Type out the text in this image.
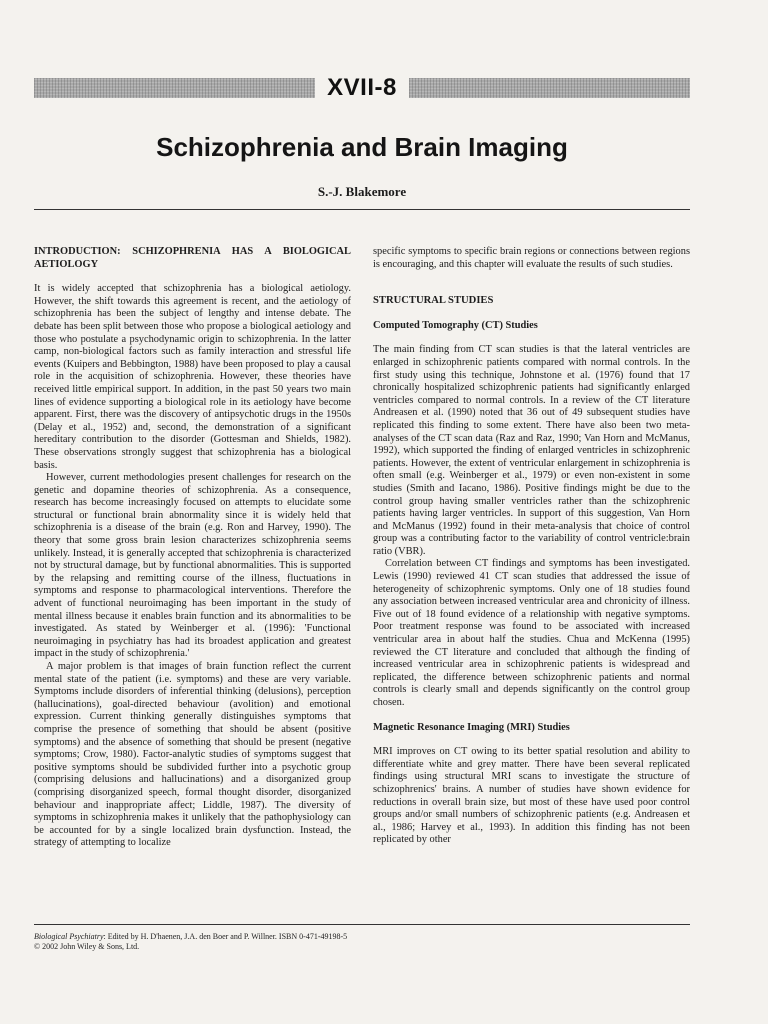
XVII-8
Schizophrenia and Brain Imaging

S.-J. Blakemore

INTRODUCTION: SCHIZOPHRENIA HAS A BIOLOGICAL AETIOLOGY

It is widely accepted that schizophrenia has a biological aetiology. However, the shift towards this agreement is recent, and the aetiology of schizophrenia has been the subject of lengthy and intense debate. The debate has been split between those who propose a biological aetiology and those who postulate a psychodynamic origin to schizophrenia. In the latter camp, non-biological factors such as family interaction and stressful life events (Kuipers and Bebbington, 1988) have been proposed to play a causal role in the acquisition of schizophrenia. However, these theories have received little empirical support. In addition, in the past 50 years two main lines of evidence supporting a biological role in its aetiology have become apparent. First, there was the discovery of antipsychotic drugs in the 1950s (Delay et al., 1952) and, second, the demonstration of a significant hereditary contribution to the disorder (Gottesman and Shields, 1982). These observations strongly suggest that schizophrenia has a biological basis.

However, current methodologies present challenges for research on the genetic and dopamine theories of schizophrenia. As a consequence, research has become increasingly focused on attempts to elucidate some structural or functional brain abnormality since it is widely held that schizophrenia is a disease of the brain (e.g. Ron and Harvey, 1990). The theory that some gross brain lesion characterizes schizophrenia seems unlikely. Instead, it is generally accepted that schizophrenia is characterized not by structural damage, but by functional abnormalities. This is supported by the relapsing and remitting course of the illness, fluctuations in symptoms and response to pharmacological interventions. Therefore the advent of functional neuroimaging has been important in the study of mental illness because it enables brain function and its abnormalities to be investigated. As stated by Weinberger et al. (1996): 'Functional neuroimaging in psychiatry has had its broadest application and greatest impact in the study of schizophrenia.'

A major problem is that images of brain function reflect the current mental state of the patient (i.e. symptoms) and these are very variable. Symptoms include disorders of inferential thinking (delusions), perception (hallucinations), goal-directed behaviour (avolition) and emotional expression. Current thinking generally distinguishes symptoms that comprise the presence of something that should be absent (positive symptoms) and the absence of something that should be present (negative symptoms; Crow, 1980). Factor-analytic studies of symptoms suggest that positive symptoms should be subdivided further into a psychotic group (comprising delusions and hallucinations) and a disorganized group (comprising disorganized speech, formal thought disorder, disorganized behaviour and inappropriate affect; Liddle, 1987). The diversity of symptoms in schizophrenia makes it unlikely that the pathophysiology can be accounted for by a single localized brain dysfunction. Instead, the strategy of attempting to localize

specific symptoms to specific brain regions or connections between regions is encouraging, and this chapter will evaluate the results of such studies.

STRUCTURAL STUDIES
Computed Tomography (CT) Studies

The main finding from CT scan studies is that the lateral ventricles are enlarged in schizophrenic patients compared with normal controls. In the first study using this technique, Johnstone et al. (1976) found that 17 chronically hospitalized schizophrenic patients had significantly enlarged ventricles compared to normal controls. In a review of the CT literature Andreasen et al. (1990) noted that 36 out of 49 subsequent studies have replicated this finding to some extent. There have also been two meta-analyses of the CT scan data (Raz and Raz, 1990; Van Horn and McManus, 1992), which supported the finding of enlarged ventricles in schizophrenic patients. However, the extent of ventricular enlargement in schizophrenia is often small (e.g. Weinberger et al., 1979) or even non-existent in some studies (Smith and Iacano, 1986). Positive findings might be due to the control group having smaller ventricles rather than the schizophrenic patients having larger ventricles. In support of this suggestion, Van Horn and McManus (1992) found in their meta-analysis that choice of control group was a contributing factor to the variability of control ventricle:brain ratio (VBR).

Correlation between CT findings and symptoms has been investigated. Lewis (1990) reviewed 41 CT scan studies that addressed the issue of heterogeneity of schizophrenic symptoms. Only one of 18 studies found any association between increased ventricular area and chronicity of illness. Five out of 18 found evidence of a relationship with negative symptoms. Poor treatment response was found to be associated with increased ventricular area in about half the studies. Chua and McKenna (1995) reviewed the CT literature and concluded that although the finding of increased ventricular area in schizophrenic patients is widespread and replicated, the difference between schizophrenic patients and normal controls is clearly small and depends significantly on the control group chosen.

Magnetic Resonance Imaging (MRI) Studies

MRI improves on CT owing to its better spatial resolution and ability to differentiate white and grey matter. There have been several replicated findings using structural MRI scans to investigate the structure of schizophrenics' brains. A number of studies have shown evidence for reductions in overall brain size, but most of these have used poor control groups and/or small numbers of schizophrenic patients (e.g. Andreasen et al., 1986; Harvey et al., 1993). In addition this finding has not been replicated by other

Biological Psychiatry: Edited by H. D'haenen, J.A. den Boer and P. Willner. ISBN 0-471-49198-5
© 2002 John Wiley & Sons, Ltd.
